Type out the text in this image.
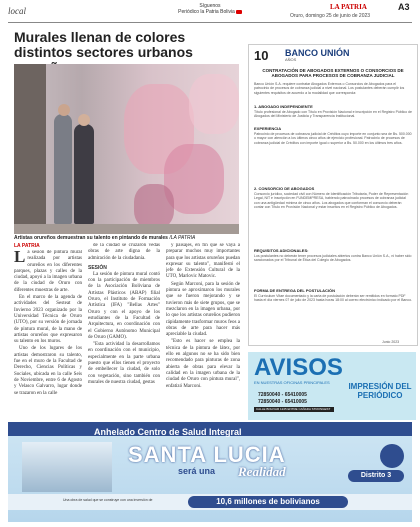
local	Síguenos
Periódico la Patria Bolivia
LA PATRIA	A3
Oruro, domingo 25 de junio de 2023
Murales llenan de colores distintos sectores urbanos
Artistas orureños demuestran su talento en pintando de murales /LA PATRIA
LA PATRIA
L a sesión de pintura mural realizada por artistas orureños en los diferentes parques, plazas y calles de la ciudad, apoyó a la imagen urbana de la ciudad de Oruro con diferentes muestras de arte.

En el marco de la agenda de actividades del Sesteat de Invierno 2023 organizado por la Universidad Técnica de Oruro (UTO), por su versión de jornada de pintura mural, de la mano de artistas orureños que expresaron su talento en los muros.

Uno de los lugares de los artistas demostraron su talento, fue en el muro de la Facultad de Derecho, Ciencias Políticas y Sociales, ubicada en la calle Seis de Noviembre, entre 6 de Agosto y Velasco Galvarro, lugar donde se trazaron en la calle

de la ciudad se cruzaron vedas obras de arte digna de la admiración de la ciudadanía.

SESIÓN

La sesión de pintura mural contó con la participación de miembros de la Asociación Boliviana de Artistas Plásticos (ABAP) filial Oruro, el Instituto de Formación Artística (IFA) "Bellas Artes" Oruro y con el apoyo de los estudiantes de la Facultad de Arquitectura, en coordinación con el Gobierno Autónomo Municipal de Oruro (GAMO).

"Esta actividad la desarrollamos en coordinación con el municipio, especialmente en la parte urbana puesto que ellos tienen el proyecto de embellecer la ciudad, de solo con vegetación, sino también con murales de nuestra ciudad, gestas

y paisajes, en fin que se vaya a preparar muchos muy importantes para que los artistas orureños puedan expresar su talento", manifestó el jefe de Extensión Cultural de la UTO, Marlovic Matovic.

Según Marconi, para la sesión de pintura se aproximaron los murales que se fueron mejorando y se tuvieron más de siete grupos, que se mezclaron en la imagen urbana, por lo que los artistas orureños pudieron rápidamente trasformar muros feos a obras de arte para hacer más apreciable la ciudad.

"Esto es hacer se emplea la técnica de la pintura de látex, por ello en algunos no se ha sido bien recomendado para pinturas de zona abierta de obras para elevar la calidad en la imagen urbana de la ciudad de Oruro con pintura mural", enfatizó Marconi.

10 BANCO UNIÓN
AÑOS
CONTRATACIÓN DE ABOGADOS EXTERNOS O CONSORCIOS DE ABOGADOS PARA PROCESOS DE COBRANZA JUDICIAL
Banco Unión S.A. requiere contratar Abogados Externos o Consorcios de Abogados para el patrocinio de procesos de cobranza judicial a nivel nacional. Los postulantes deberán cumplir los siguientes requisitos de acuerdo a la modalidad que corresponda:
1. ABOGADO INDEPENDIENTE
Título profesional de Abogado con Título en Provisión Nacional e inscripción en el Registro Público de Abogados del Ministerio de Justicia y Transparencia Institucional.
EXPERIENCIA
Patrocinio de procesos de cobranza judicial de Créditos cuyo importe en conjunto sea de Bs. 500.000 o mayor con atención a los últimos cinco años de ejercicio profesional. Patrocinio de procesos de cobranza judicial de Créditos con importe igual o superior a Bs. 50.000 en los últimos tres años.
2. CONSORCIO DE ABOGADOS
Consorcio jurídico, sociedad civil con Número de Identificación Tributaria, Poder de Representación Legal, NIT e inscripción en FUNDEMPRESA, habiendo patrocinado procesos de cobranza judicial con una antigüedad mínima de cinco años. Los abogados que conforman el consorcio deberán contar con Título en Provisión Nacional y estar inscritos en el Registro Público de Abogados.
REQUISITOS ADICIONALES:
Los postulantes no deberán tener procesos judiciales abiertos contra Banco Unión S.A., ni haber sido sancionados por el Tribunal de Ética del Colegio de Abogados.
FORMA DE ENTREGA DEL POSTULACIÓN
El Currículum Vitae documentado y la carta de postulación deberán ser remitidos en formato PDF hasta el día viernes 07 de julio de 2023 hasta horas 18:00 al correo electrónico indicado por el Banco.
Junio 2023
AVISOS
EN NUESTRAS OFICINAS PRINCIPALES
72850040 - 65410005
72850040 - 65410005
CALLE BOLIVAR 1245 ENTRE CAÑADA STRONGEST
IMPRESIÓN DEL PERIÓDICO
Anhelado Centro de Salud Integral
SANTA LUCIA
será una Realidad	Distrito 3
Una obra de salud que se construye con una inversión de	10,6 millones de bolivianos
